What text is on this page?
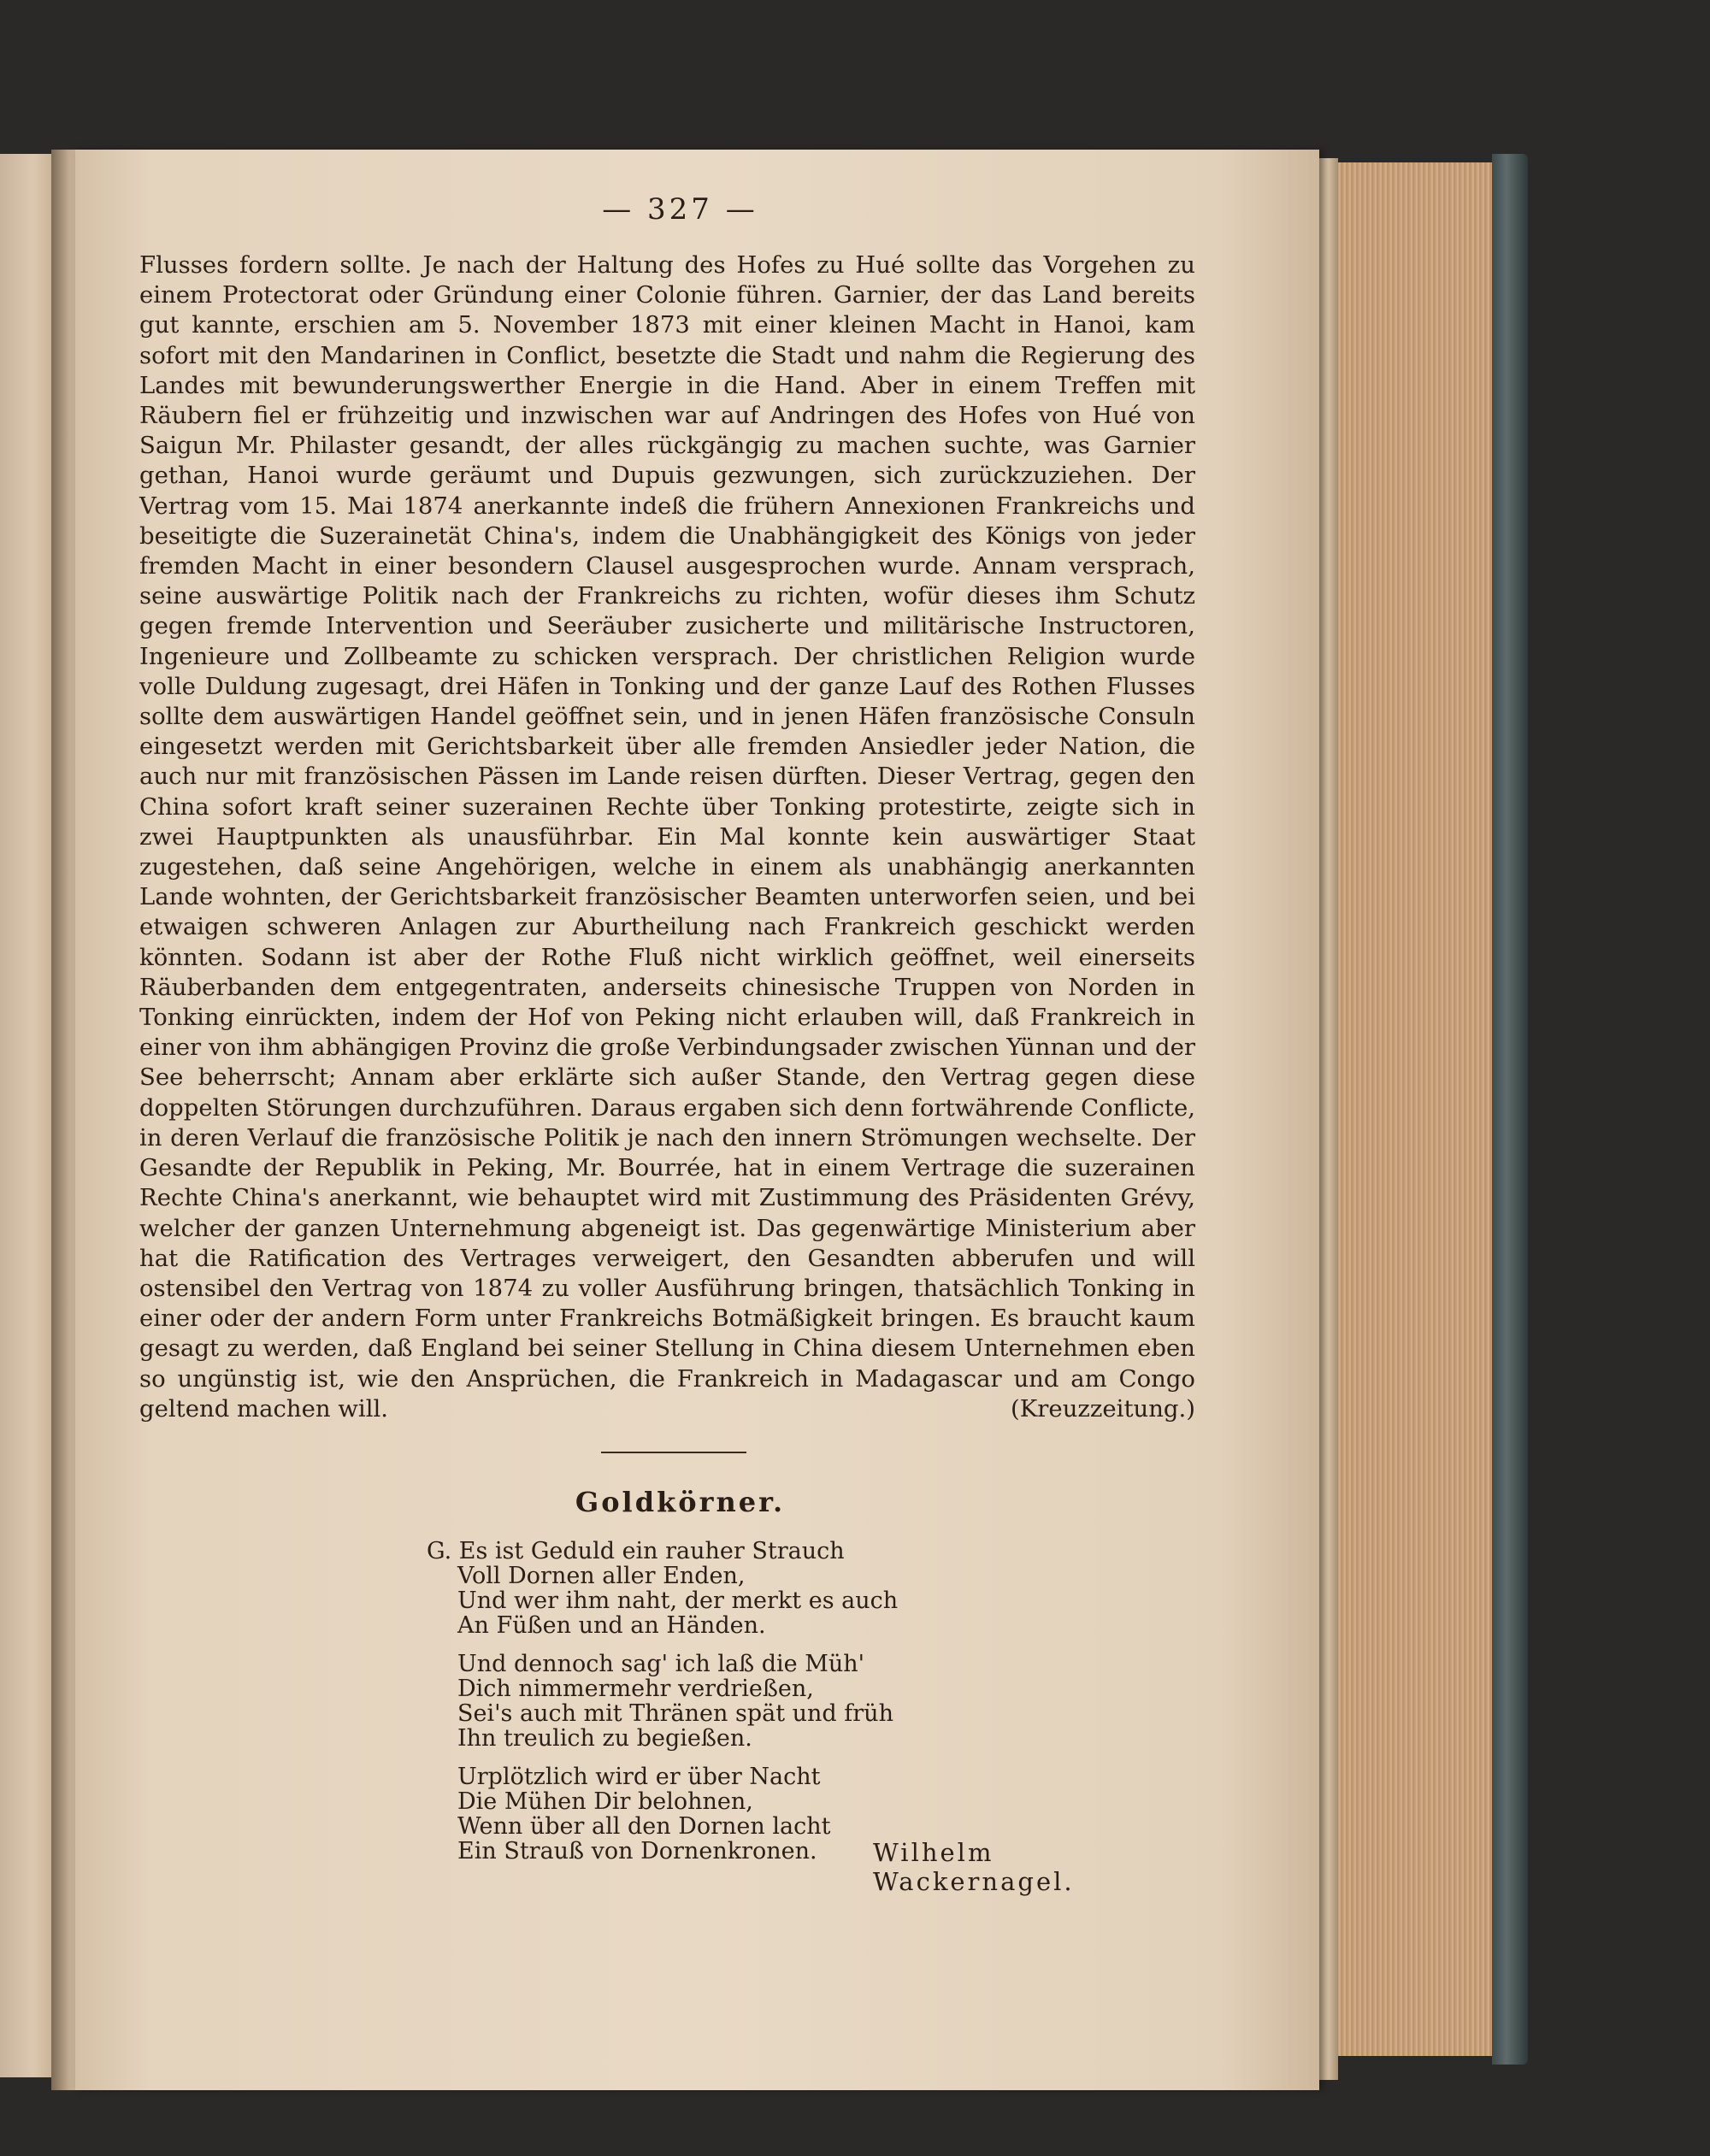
— 327 —

Flusses fordern sollte. Je nach der Haltung des Hofes zu Hué sollte das Vorgehen zu einem Protectorat oder Gründung einer Colonie führen. Garnier, der das Land bereits gut kannte, erschien am 5. November 1873 mit einer kleinen Macht in Hanoi, kam sofort mit den Mandarinen in Conflict, besetzte die Stadt und nahm die Regierung des Landes mit bewunderungswerther Energie in die Hand. Aber in einem Treffen mit Räubern fiel er frühzeitig und inzwischen war auf Andringen des Hofes von Hué von Saigun Mr. Philaster gesandt, der alles rückgängig zu machen suchte, was Garnier gethan, Hanoi wurde geräumt und Dupuis gezwungen, sich zurückzuziehen. Der Vertrag vom 15. Mai 1874 anerkannte indeß die frühern Annexionen Frankreichs und beseitigte die Suzerainetät China's, indem die Unabhängigkeit des Königs von jeder fremden Macht in einer besondern Clausel ausgesprochen wurde. Annam versprach, seine auswärtige Politik nach der Frankreichs zu richten, wofür dieses ihm Schutz gegen fremde Intervention und Seeräuber zusicherte und militärische Instructoren, Ingenieure und Zollbeamte zu schicken versprach. Der christlichen Religion wurde volle Duldung zugesagt, drei Häfen in Tonking und der ganze Lauf des Rothen Flusses sollte dem auswärtigen Handel geöffnet sein, und in jenen Häfen französische Consuln eingesetzt werden mit Gerichtsbarkeit über alle fremden Ansiedler jeder Nation, die auch nur mit französischen Pässen im Lande reisen dürften. Dieser Vertrag, gegen den China sofort kraft seiner suzerainen Rechte über Tonking protestirte, zeigte sich in zwei Hauptpunkten als unausführbar. Ein Mal konnte kein auswärtiger Staat zugestehen, daß seine Angehörigen, welche in einem als unabhängig anerkannten Lande wohnten, der Gerichtsbarkeit französischer Beamten unterworfen seien, und bei etwaigen schweren Anlagen zur Aburtheilung nach Frankreich geschickt werden könnten. Sodann ist aber der Rothe Fluß nicht wirklich geöffnet, weil einerseits Räuberbanden dem entgegentraten, anderseits chinesische Truppen von Norden in Tonking einrückten, indem der Hof von Peking nicht erlauben will, daß Frankreich in einer von ihm abhängigen Provinz die große Verbindungsader zwischen Yünnan und der See beherrscht; Annam aber erklärte sich außer Stande, den Vertrag gegen diese doppelten Störungen durchzuführen. Daraus ergaben sich denn fortwährende Conflicte, in deren Verlauf die französische Politik je nach den innern Strömungen wechselte. Der Gesandte der Republik in Peking, Mr. Bourrée, hat in einem Vertrage die suzerainen Rechte China's anerkannt, wie behauptet wird mit Zustimmung des Präsidenten Grévy, welcher der ganzen Unternehmung abgeneigt ist. Das gegenwärtige Ministerium aber hat die Ratification des Vertrages verweigert, den Gesandten abberufen und will ostensibel den Vertrag von 1874 zu voller Ausführung bringen, thatsächlich Tonking in einer oder der andern Form unter Frankreichs Botmäßigkeit bringen. Es braucht kaum gesagt zu werden, daß England bei seiner Stellung in China diesem Unternehmen eben so ungünstig ist, wie den Ansprüchen, die Frankreich in Madagascar und am Congo geltend machen will.	(Kreuzzeitung.)

Goldkörner.
G. Es ist Geduld ein rauher Strauch
Voll Dornen aller Enden,
Und wer ihm naht, der merkt es auch
An Füßen und an Händen.
Und dennoch sag' ich laß die Müh'
Dich nimmermehr verdrießen,
Sei's auch mit Thränen spät und früh
Ihn treulich zu begießen.
Urplötzlich wird er über Nacht
Die Mühen Dir belohnen,
Wenn über all den Dornen lacht
Ein Strauß von Dornenkronen.	Wilhelm Wackernagel.
